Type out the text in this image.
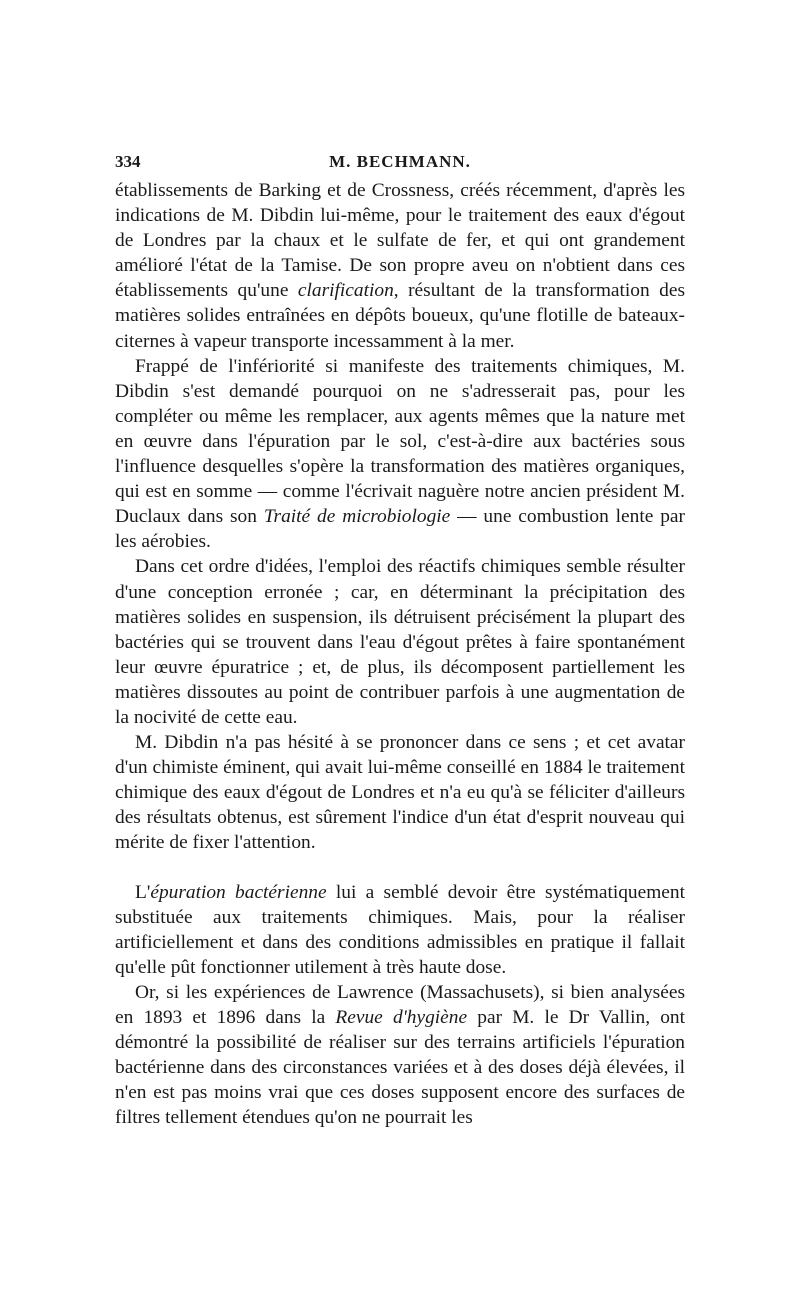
334	M. BECHMANN.

établissements de Barking et de Crossness, créés récemment, d'après les indications de M. Dibdin lui-même, pour le traitement des eaux d'égout de Londres par la chaux et le sulfate de fer, et qui ont grandement amélioré l'état de la Tamise. De son propre aveu on n'obtient dans ces établissements qu'une clarification, résultant de la transformation des matières solides entraînées en dépôts boueux, qu'une flotille de bateaux-citernes à vapeur transporte incessamment à la mer.

Frappé de l'infériorité si manifeste des traitements chimiques, M. Dibdin s'est demandé pourquoi on ne s'adresserait pas, pour les compléter ou même les remplacer, aux agents mêmes que la nature met en œuvre dans l'épuration par le sol, c'est-à-dire aux bactéries sous l'influence desquelles s'opère la transformation des matières organiques, qui est en somme — comme l'écrivait naguère notre ancien président M. Duclaux dans son Traité de microbiologie — une combustion lente par les aérobies.

Dans cet ordre d'idées, l'emploi des réactifs chimiques semble résulter d'une conception erronée ; car, en déterminant la précipitation des matières solides en suspension, ils détruisent précisément la plupart des bactéries qui se trouvent dans l'eau d'égout prêtes à faire spontanément leur œuvre épuratrice ; et, de plus, ils décomposent partiellement les matières dissoutes au point de contribuer parfois à une augmentation de la nocivité de cette eau.

M. Dibdin n'a pas hésité à se prononcer dans ce sens ; et cet avatar d'un chimiste éminent, qui avait lui-même conseillé en 1884 le traitement chimique des eaux d'égout de Londres et n'a eu qu'à se féliciter d'ailleurs des résultats obtenus, est sûrement l'indice d'un état d'esprit nouveau qui mérite de fixer l'attention.

L'épuration bactérienne lui a semblé devoir être systématiquement substituée aux traitements chimiques. Mais, pour la réaliser artificiellement et dans des conditions admissibles en pratique il fallait qu'elle pût fonctionner utilement à très haute dose.

Or, si les expériences de Lawrence (Massachusets), si bien analysées en 1893 et 1896 dans la Revue d'hygiène par M. le Dr Vallin, ont démontré la possibilité de réaliser sur des terrains artificiels l'épuration bactérienne dans des circonstances variées et à des doses déjà élevées, il n'en est pas moins vrai que ces doses supposent encore des surfaces de filtres tellement étendues qu'on ne pourrait les
